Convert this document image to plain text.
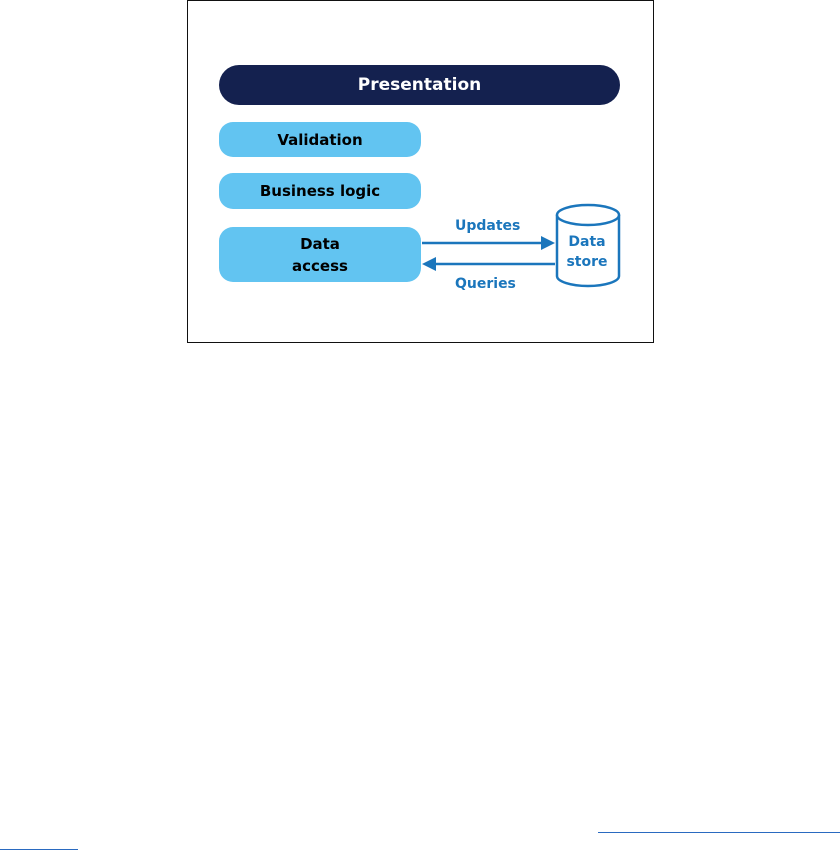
Presentation
Validation
Business logic
Data
access
Updates
Queries
Data
store
